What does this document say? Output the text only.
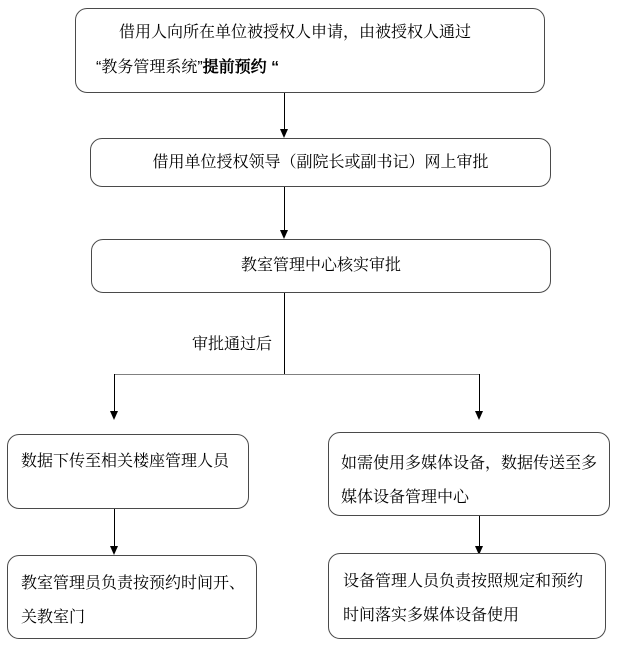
借用人向所在单位被授权人申请，由被授权人通过
“教务管理系统”提前预约 “
借用单位授权领导（副院长或副书记）网上审批
教室管理中心核实审批
审批通过后
数据下传至相关楼座管理人员	如需使用多媒体设备，数据传送至多
媒体设备管理中心
教室管理员负责按预约时间开、
关教室门
设备管理人员负责按照规定和预约
时间落实多媒体设备使用
